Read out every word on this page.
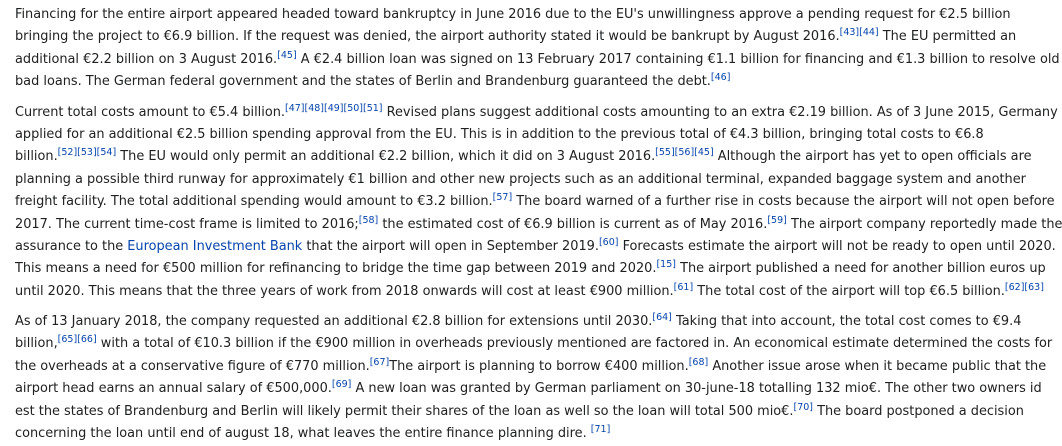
Financing for the entire airport appeared headed toward bankruptcy in June 2016 due to the EU's unwillingness approve a pending request for €2.5 billion
bringing the project to €6.9 billion. If the request was denied, the airport authority stated it would be bankrupt by August 2016.[43][44] The EU permitted an
additional €2.2 billion on 3 August 2016.[45] A €2.4 billion loan was signed on 13 February 2017 containing €1.1 billion for financing and €1.3 billion to resolve old
bad loans. The German federal government and the states of Berlin and Brandenburg guaranteed the debt.[46]
Current total costs amount to €5.4 billion.[47][48][49][50][51] Revised plans suggest additional costs amounting to an extra €2.19 billion. As of 3 June 2015, Germany
applied for an additional €2.5 billion spending approval from the EU. This is in addition to the previous total of €4.3 billion, bringing total costs to €6.8
billion.[52][53][54] The EU would only permit an additional €2.2 billion, which it did on 3 August 2016.[55][56][45] Although the airport has yet to open officials are
planning a possible third runway for approximately €1 billion and other new projects such as an additional terminal, expanded baggage system and another
freight facility. The total additional spending would amount to €3.2 billion.[57] The board warned of a further rise in costs because the airport will not open before
2017. The current time-cost frame is limited to 2016;[58] the estimated cost of €6.9 billion is current as of May 2016.[59] The airport company reportedly made the
assurance to the European Investment Bank that the airport will open in September 2019.[60] Forecasts estimate the airport will not be ready to open until 2020.
This means a need for €500 million for refinancing to bridge the time gap between 2019 and 2020.[15] The airport published a need for another billion euros up
until 2020. This means that the three years of work from 2018 onwards will cost at least €900 million.[61] The total cost of the airport will top €6.5 billion.[62][63]
As of 13 January 2018, the company requested an additional €2.8 billion for extensions until 2030.[64] Taking that into account, the total cost comes to €9.4
billion,[65][66] with a total of €10.3 billion if the €900 million in overheads previously mentioned are factored in. An economical estimate determined the costs for
the overheads at a conservative figure of €770 million.[67]The airport is planning to borrow €400 million.[68] Another issue arose when it became public that the
airport head earns an annual salary of €500,000.[69] A new loan was granted by German parliament on 30-june-18 totalling 132 mio€. The other two owners id
est the states of Brandenburg and Berlin will likely permit their shares of the loan as well so the loan will total 500 mio€.[70] The board postponed a decision
concerning the loan until end of august 18, what leaves the entire finance planning dire. [71]
